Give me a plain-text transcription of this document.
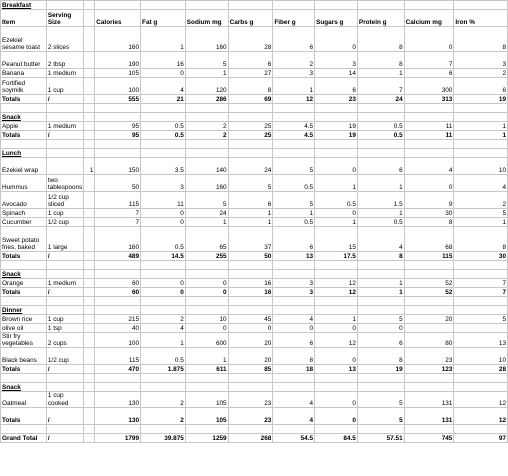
Breakfast											
Item	Serving Size		Calories	Fat g	Sodium mg	Carbs g	Fiber g	Sugars g	Protein g	Calcium mg	Iron %
Ezekiel sesame toast	2 slices		160	1	160	28	6	0	8	0	8
Peanut butter	2 tbsp		190	16	5	6	2	3	8	7	3
Banana	1 medium		105	0	1	27	3	14	1	6	2
Fortified soymilk	1 cup		100	4	120	8	1	6	7	300	6
Totals	/		555	21	286	69	12	23	24	313	19

Snack											
Apple	1 medium		95	0.5	2	25	4.5	19	0.5	11	1
Totals	/		95	0.5	2	25	4.5	19	0.5	11	1

Lunch											
Ezekiel wrap		1	150	3.5	140	24	5	0	6	4	10
Hummus	two tablespoons		50	3	160	5	0.5	1	1	0	4
Avocado	1/2 cup sliced		115	11	5	6	5	0.5	1.5	9	2
Spinach	1 cup		7	0	24	1	1	0	1	30	5
Cucumber	1/2 cup		7	0	1	1	0.5	1	0.5	8	1
Sweet potato fries, baked	1 large		160	0.5	65	37	6	15	4	68	8
Totals	/		489	14.5	255	50	13	17.5	8	115	30

Snack											
Orange	1 medium		60	0	0	16	3	12	1	52	7
Totals	/		60	0	0	16	3	12	1	52	7

Dinner											
Brown rice	1 cup		215	2	10	45	4	1	5	20	5
olive oil	1 tsp		40	4	0	0	0	0	0		
Stir fry vegetables	2 cups		100	1	600	20	6	12	6	80	13
Black beans	1/2 cup		115	0.5	1	20	8	0	8	23	10
Totals	/		470	1.875	611	85	18	13	19	123	28

Snack											
Oatmeal	1 cup cooked		130	2	105	23	4	0	5	131	12
Totals	/		130	2	105	23	4	0	5	131	12

Grand Total	/		1799	39.875	1259	268	54.5	84.5	57.51	745	97
